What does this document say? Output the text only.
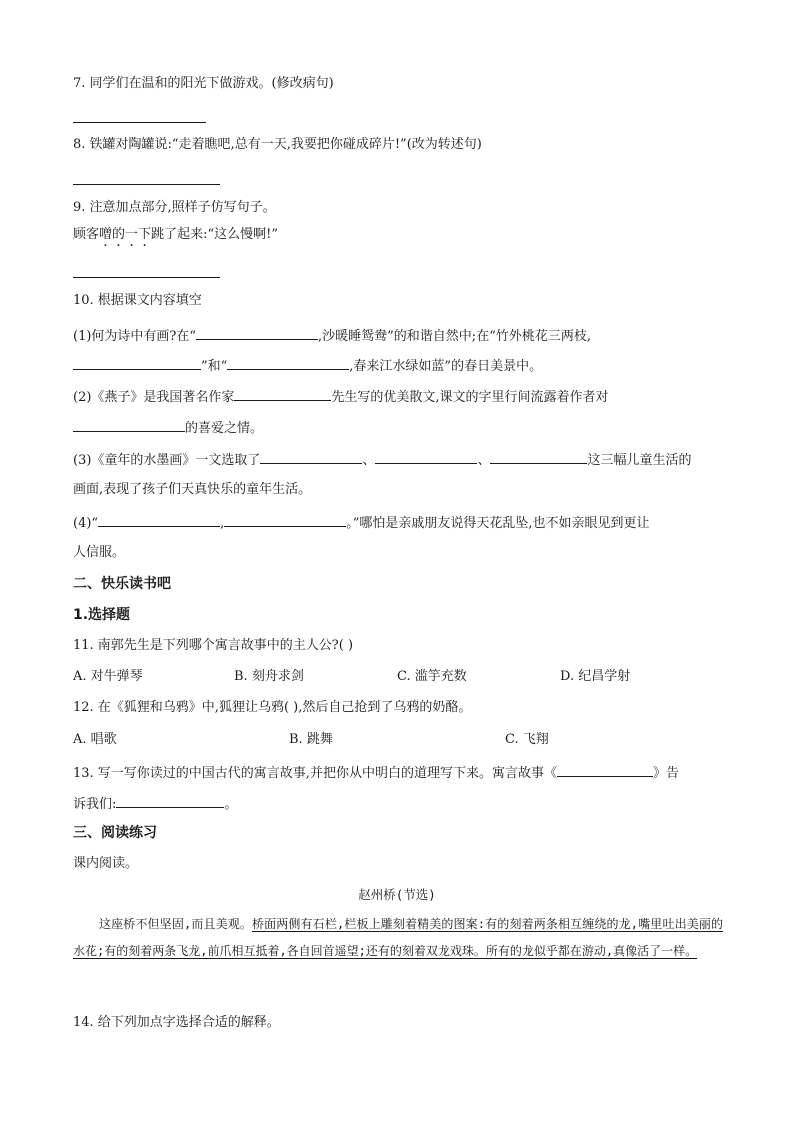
7. 同学们在温和的阳光下做游戏。(修改病句)
8. 铁罐对陶罐说:“走着瞧吧,总有一天,我要把你碰成碎片!”(改为转述句)
9. 注意加点部分,照样子仿写句子。
顾客噌的一下跳了起来:“这么慢啊!”
10. 根据课文内容填空
(1)何为诗中有画?在“	,沙暖睡鸳鸯”的和谐自然中;在“竹外桃花三两枝,
”和“	,春来江水绿如蓝”的春日美景中。
(2)《燕子》是我国著名作家	先生写的优美散文,课文的字里行间流露着作者对
的喜爱之情。
(3)《童年的水墨画》一文选取了	、	、	这三幅儿童生活的
画面,表现了孩子们天真快乐的童年生活。
(4)“	,	。”哪怕是亲戚朋友说得天花乱坠,也不如亲眼见到更让
人信服。
二、快乐读书吧
1.选择题
11. 南郭先生是下列哪个寓言故事中的主人公?( )
A. 对牛弹琴	B. 刻舟求剑	C. 滥竽充数	D. 纪昌学射
12. 在《狐狸和乌鸦》中,狐狸让乌鸦( ),然后自己抢到了乌鸦的奶酪。
A. 唱歌	B. 跳舞	C. 飞翔
13. 写一写你读过的中国古代的寓言故事,并把你从中明白的道理写下来。寓言故事《	》告
诉我们:	。
三、阅读练习
课内阅读。
赵州桥(节选)
这座桥不但坚固,而且美观。桥面两侧有石栏,栏板上雕刻着精美的图案:有的刻着两条相互缠绕的龙,嘴里吐出美丽的水花;有的刻着两条飞龙,前爪相互抵着,各自回首遥望;还有的刻着双龙戏珠。所有的龙似乎都在游动,真像活了一样。
14. 给下列加点字选择合适的解释。
